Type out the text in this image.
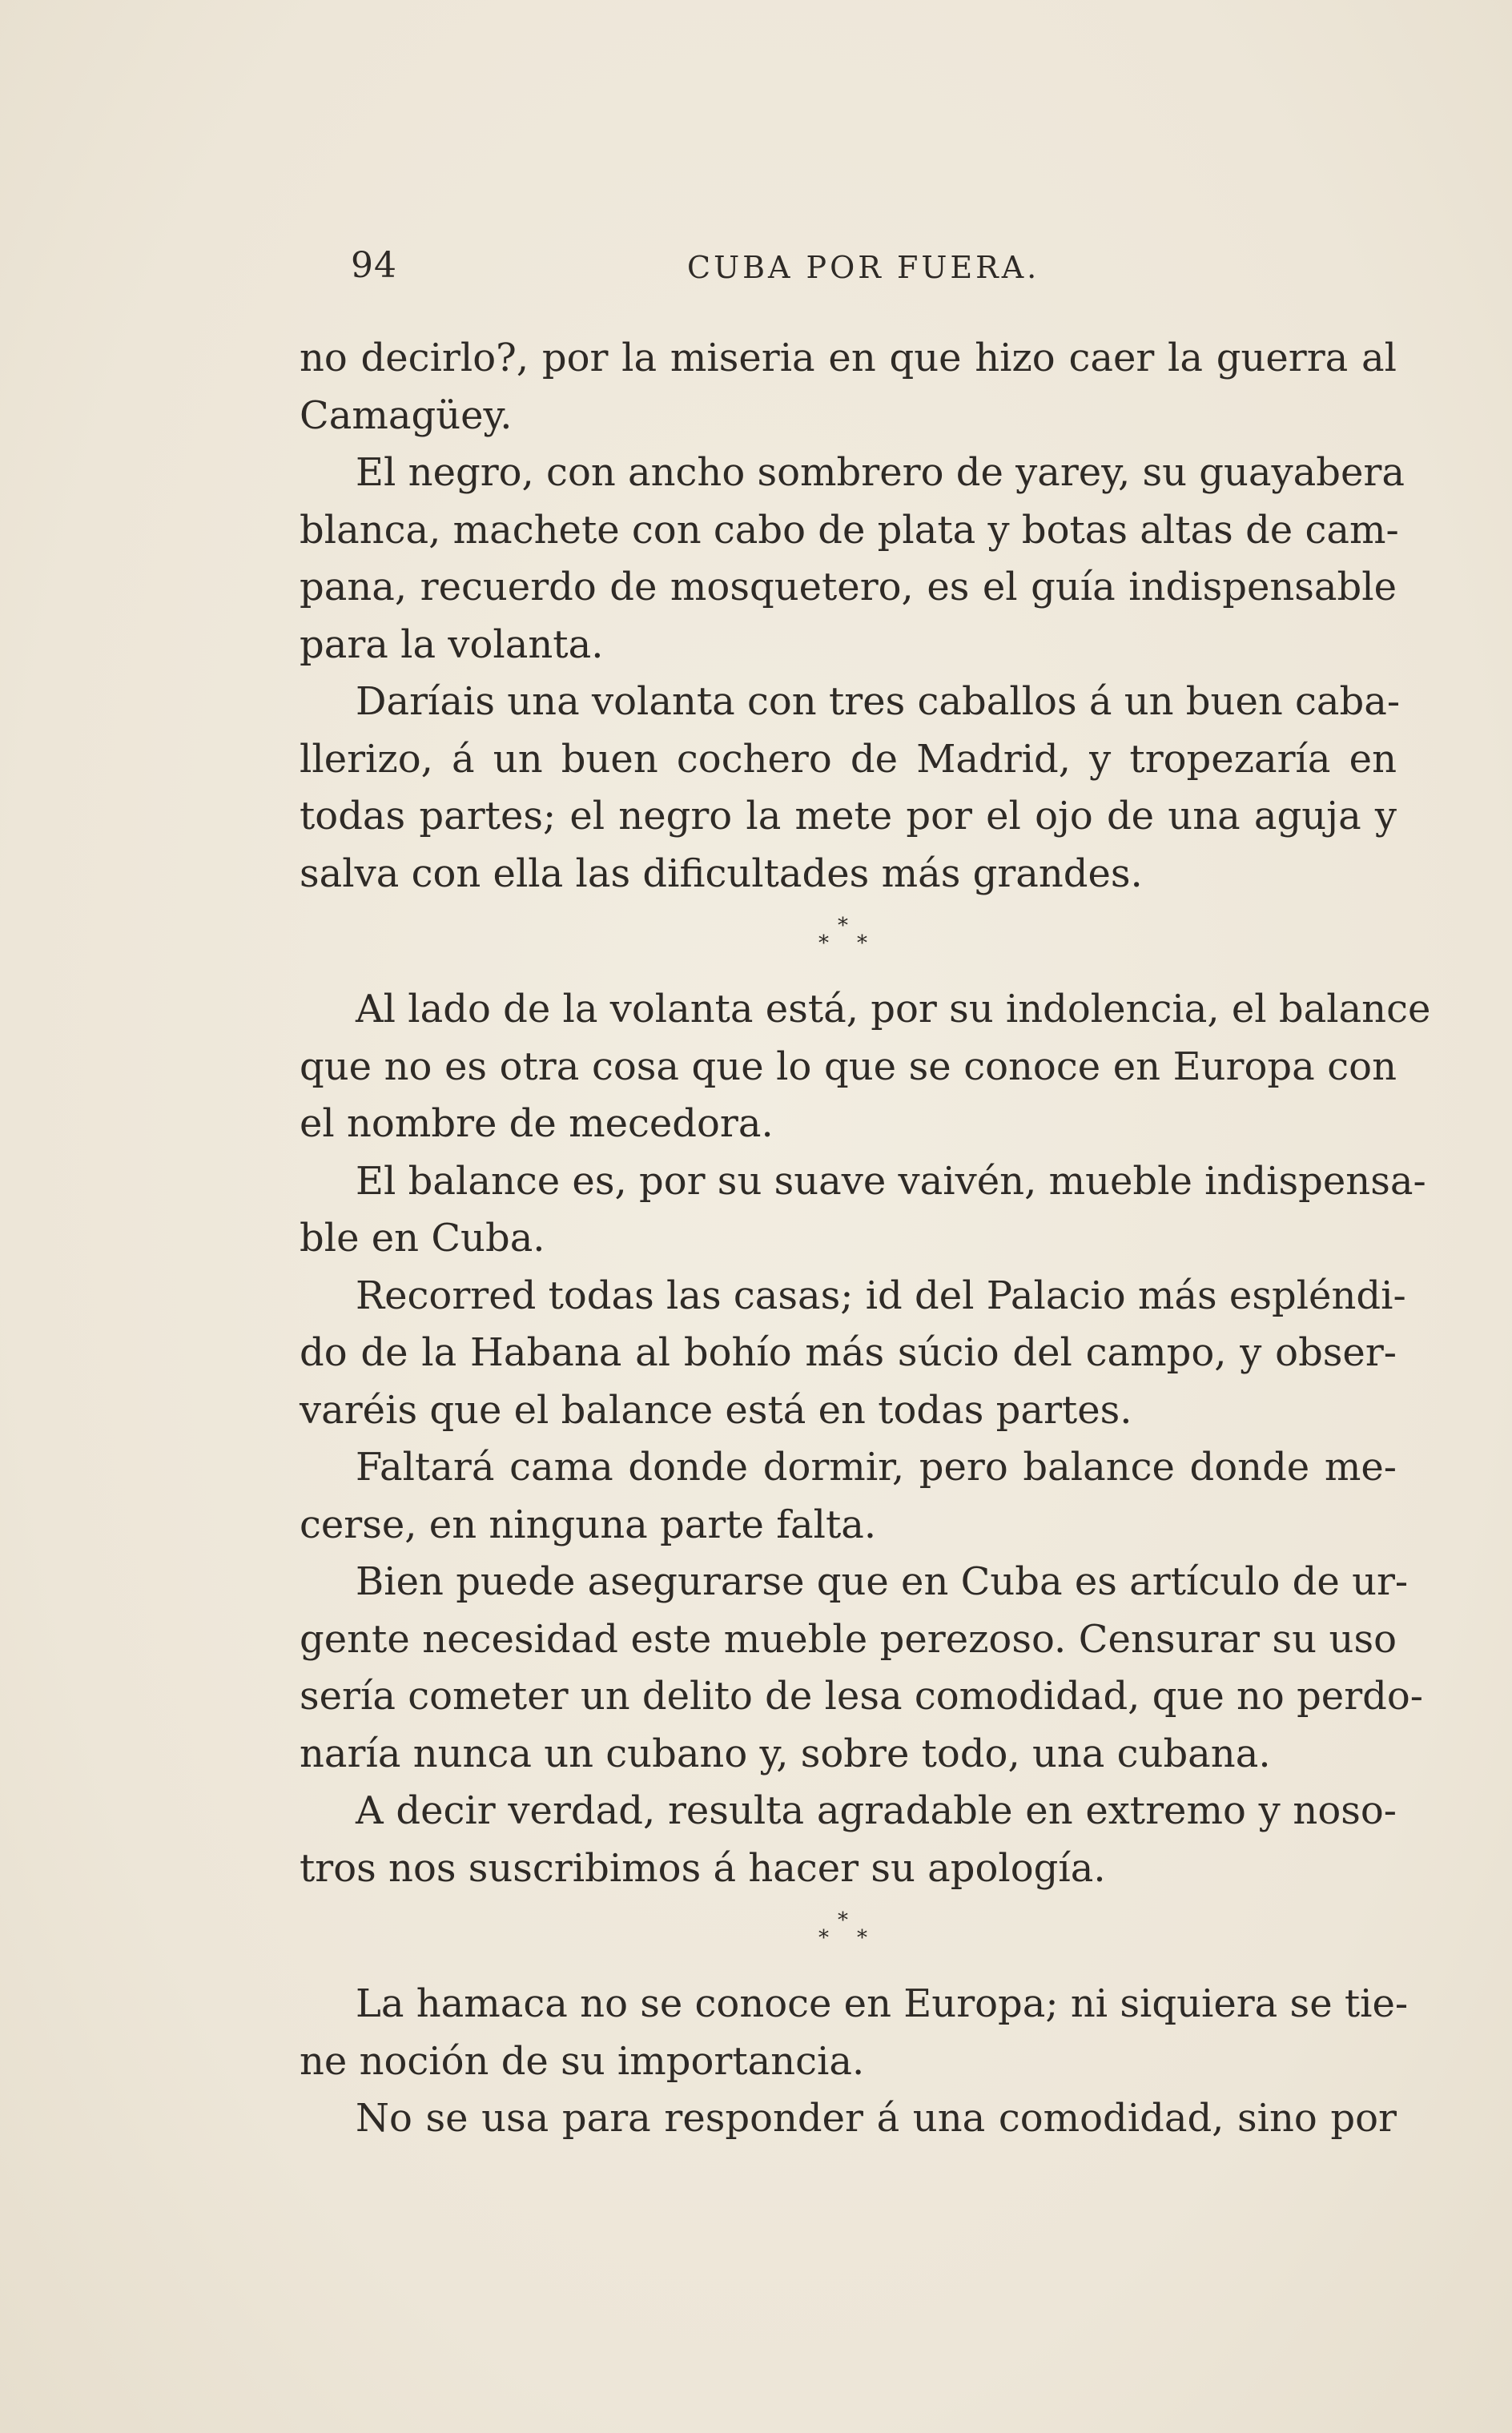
94	CUBA POR FUERA.
no decirlo?, por la miseria en que hizo caer la guerra al
Camagüey.
El negro, con ancho sombrero de yarey, su guayabera
blanca, machete con cabo de plata y botas altas de cam-
pana, recuerdo de mosquetero, es el guía indispensable
para la volanta.
Daríais una volanta con tres caballos á un buen caba-
llerizo, á un buen cochero de Madrid, y tropezaría en
todas partes; el negro la mete por el ojo de una aguja y
salva con ella las dificultades más grandes.
*
* *
Al lado de la volanta está, por su indolencia, el balance
que no es otra cosa que lo que se conoce en Europa con
el nombre de mecedora.
El balance es, por su suave vaivén, mueble indispensa-
ble en Cuba.
Recorred todas las casas; id del Palacio más espléndi-
do de la Habana al bohío más súcio del campo, y obser-
varéis que el balance está en todas partes.
Faltará cama donde dormir, pero balance donde me-
cerse, en ninguna parte falta.
Bien puede asegurarse que en Cuba es artículo de ur-
gente necesidad este mueble perezoso. Censurar su uso
sería cometer un delito de lesa comodidad, que no perdo-
naría nunca un cubano y, sobre todo, una cubana.
A decir verdad, resulta agradable en extremo y noso-
tros nos suscribimos á hacer su apología.
*
* *
La hamaca no se conoce en Europa; ni siquiera se tie-
ne noción de su importancia.
No se usa para responder á una comodidad, sino por
